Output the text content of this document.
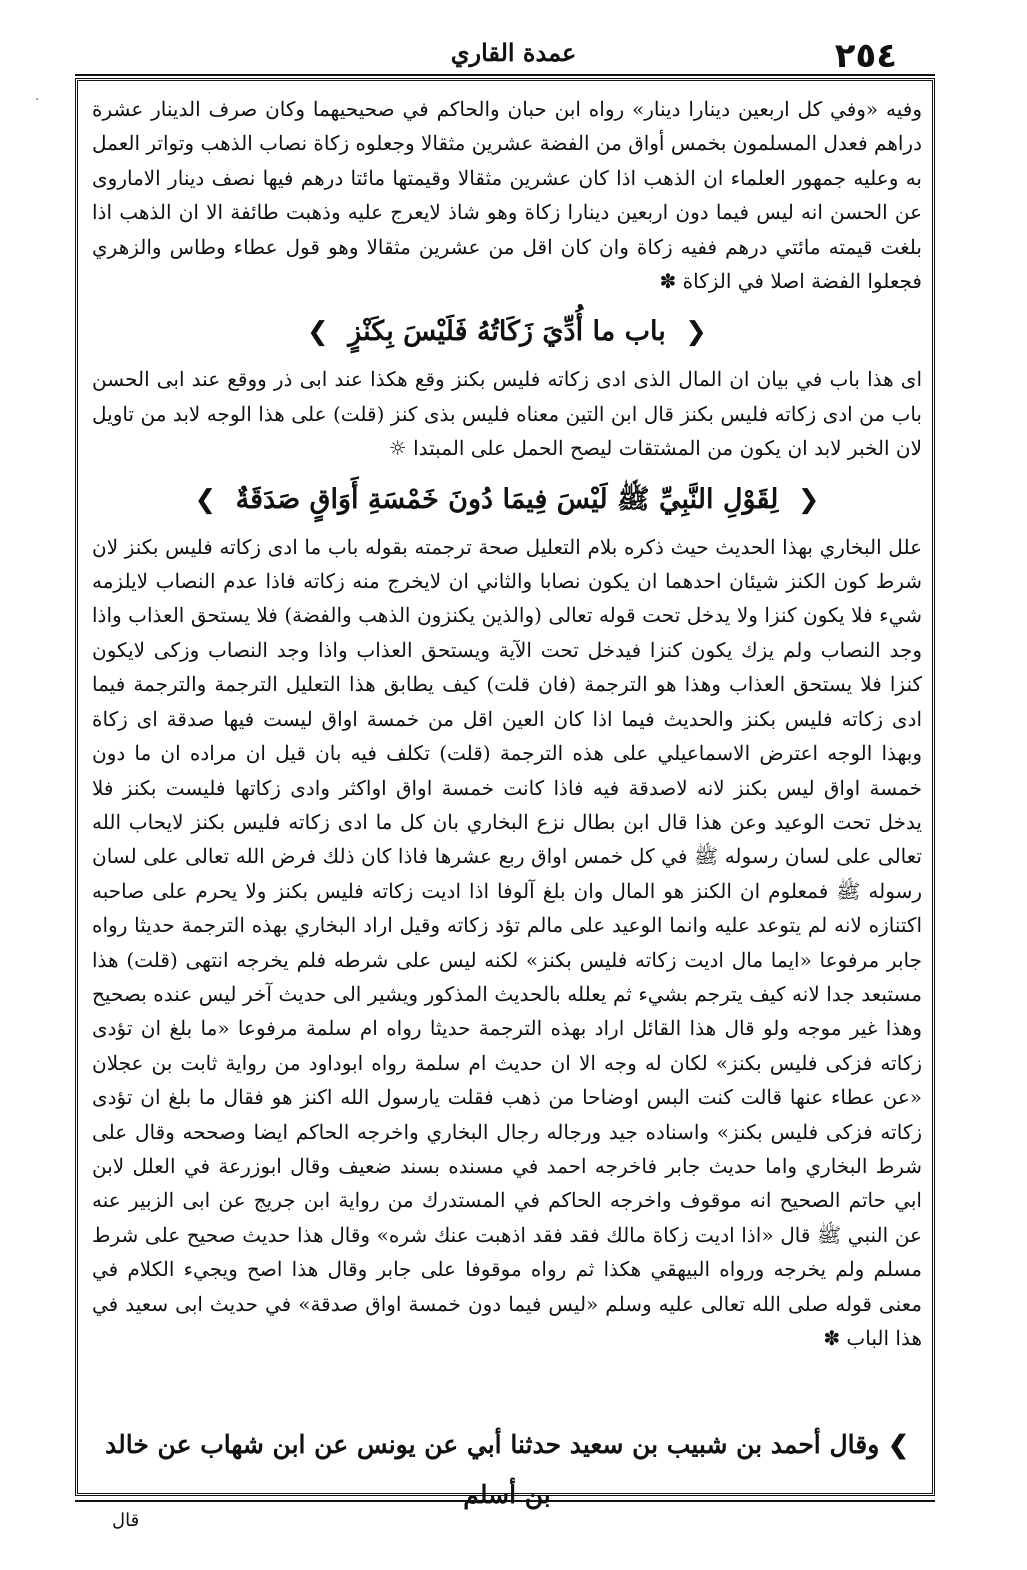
عمدة القاري	٢٥٤
·	وفيه «وفي كل اربعين دينارا دينار» رواه ابن حبان والحاكم في صحيحيهما وكان صرف الدينار عشرة دراهم فعدل المسلمون بخمس أواق من الفضة عشرين مثقالا وجعلوه زكاة نصاب الذهب وتواتر العمل به وعليه جمهور العلماء ان الذهب اذا كان عشرين مثقالا وقيمتها مائتا درهم فيها نصف دينار الاماروى عن الحسن انه ليس فيما دون اربعين دينارا زكاة وهو شاذ لايعرج عليه وذهبت طائفة الا ان الذهب اذا بلغت قيمته مائتي درهم ففيه زكاة وان كان اقل من عشرين مثقالا وهو قول عطاء وطاس والزهري فجعلوا الفضة اصلا في الزكاة ✽

❮ باب ما أُدِّيَ زَكَاتُهُ فَلَيْسَ بِكَنْزٍ ❯

اى هذا باب في بيان ان المال الذى ادى زكاته فليس بكنز وقع هكذا عند ابى ذر ووقع عند ابى الحسن باب من ادى زكاته فليس بكنز قال ابن التين معناه فليس بذى كنز (قلت) على هذا الوجه لابد من تاويل لان الخبر لابد ان يكون من المشتقات ليصح الحمل على المبتدا ☼

❮ لِقَوْلِ النَّبِيِّ ﷺ لَيْسَ فِيمَا دُونَ خَمْسَةِ أَوَاقٍ صَدَقَةٌ ❯

علل البخاري بهذا الحديث حيث ذكره بلام التعليل صحة ترجمته بقوله باب ما ادى زكاته فليس بكنز لان شرط كون الكنز شيئان احدهما ان يكون نصابا والثاني ان لايخرج منه زكاته فاذا عدم النصاب لايلزمه شيء فلا يكون كنزا ولا يدخل تحت قوله تعالى (والذين يكنزون الذهب والفضة) فلا يستحق العذاب واذا وجد النصاب ولم يزك يكون كنزا فيدخل تحت الآية ويستحق العذاب واذا وجد النصاب وزكى لايكون كنزا فلا يستحق العذاب وهذا هو الترجمة (فان قلت) كيف يطابق هذا التعليل الترجمة والترجمة فيما ادى زكاته فليس بكنز والحديث فيما اذا كان العين اقل من خمسة اواق ليست فيها صدقة اى زكاة وبهذا الوجه اعترض الاسماعيلي على هذه الترجمة (قلت) تكلف فيه بان قيل ان مراده ان ما دون خمسة اواق ليس بكنز لانه لاصدقة فيه فاذا كانت خمسة اواق اواكثر وادى زكاتها فليست بكنز فلا يدخل تحت الوعيد وعن هذا قال ابن بطال نزع البخاري بان كل ما ادى زكاته فليس بكنز لايحاب الله تعالى على لسان رسوله ﷺ في كل خمس اواق ربع عشرها فاذا كان ذلك فرض الله تعالى على لسان رسوله ﷺ فمعلوم ان الكنز هو المال وان بلغ آلوفا اذا اديت زكاته فليس بكنز ولا يحرم على صاحبه اكتنازه لانه لم يتوعد عليه وانما الوعيد على مالم تؤد زكاته وقيل اراد البخاري بهذه الترجمة حديثا رواه جابر مرفوعا «ايما مال اديت زكاته فليس بكنز» لكنه ليس على شرطه فلم يخرجه انتهى (قلت) هذا مستبعد جدا لانه كيف يترجم بشيء ثم يعلله بالحديث المذكور ويشير الى حديث آخر ليس عنده بصحيح وهذا غير موجه ولو قال هذا القائل اراد بهذه الترجمة حديثا رواه ام سلمة مرفوعا «ما بلغ ان تؤدى زكاته فزكى فليس بكنز» لكان له وجه الا ان حديث ام سلمة رواه ابوداود من رواية ثابت بن عجلان «عن عطاء عنها قالت كنت البس اوضاحا من ذهب فقلت يارسول الله اكنز هو فقال ما بلغ ان تؤدى زكاته فزكى فليس بكنز» واسناده جيد ورجاله رجال البخاري واخرجه الحاكم ايضا وصححه وقال على شرط البخاري واما حديث جابر فاخرجه احمد في مسنده بسند ضعيف وقال ابوزرعة في العلل لابن ابي حاتم الصحيح انه موقوف واخرجه الحاكم في المستدرك من رواية ابن جريج عن ابى الزبير عنه عن النبي ﷺ قال «اذا اديت زكاة مالك فقد فقد اذهبت عنك شره» وقال هذا حديث صحيح على شرط مسلم ولم يخرجه ورواه البيهقي هكذا ثم رواه موقوفا على جابر وقال هذا اصح ويجيء الكلام في معنى قوله صلى الله تعالى عليه وسلم «ليس فيما دون خمسة اواق صدقة» في حديث ابى سعيد في هذا الباب ✽

❯ وقال أحمد بن شبيب بن سعيد حدثنا أبي عن يونس عن ابن شهاب عن خالد بن أسلم
قال
